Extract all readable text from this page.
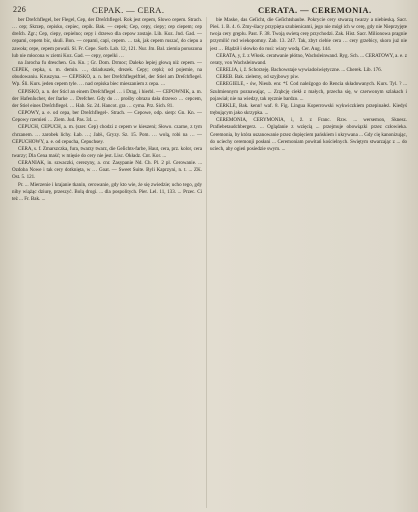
226	CEPAK. — CERA.	CERATA. — CEREMONIA.

ber Drefchflegel, ber Flegel, Cep, der Dreſchflegel. Rok jest cepem, Slowo cepem. Strach. … cep; Skrzep, cepisko, cepiec, cepik. Bak. — cepek; Cep, cepy, ciepy; cep ciepem; cep dreſch. Zgr.; Cep, ciepy, cepielno; cepy i drzewo dla cepow zostaje. Lib. Koz. Jnd. Gad. — cepami, cepem bic, skuli. Bon. — cepami, capi, cepem. … tak, jak cepem ruszać, do ciepu a zawoła; cepe, cepem powali. Sl. Fr. Cepe. Sorb. Lab. 12, 121. Nur. Jm. Bal. ziemia poruszona lub nie młocona w ziemi Koz. Gad. — cepy, cepelki …

na Jarocha fu dreschen. Gn. Kn. ; Gr. Dom. Drmoc; Daleko lepiej głową niż cepem. — CEPEK, cepka, s. m. demin. …, dziaduszek, drezek. Cepy; cepki; od pojemie, na obudowaniu. Kruszyna. — CEPISKO, a. n. ber Drefchflegelftiel, der Stiel am Dreſchflegel. Wp. Śli. Kurs. jeden cepem tyle. … nad cepiska biec mieszaniem z cepa. …

CEPISKO, a. n. der Sticl an einem Dreſchflegel … i Drąg, i hierbl. — CEPOWNIK, a. m. der Hafenſucher, der ſtarke … Drefcher. Gdy do … prośby obrazu dała drzewo … cepcem, der Stiel eines Dreſchflegel. … Hab. Sz. 24. Hancot. gra … cyma. Prz. Sich. 81.

CEPOWY, a. e. od cepa, ber Dreſchflegel-. Strach. — Cepowe, odp. sierp: Gn. Kn. — Cepowy rzemień … Ziem. Jud. Pas. 34. ...

CEPUCH, CEPUCH, a. m. (szer. Cep) chodzi z cepem w kieszeni; Słowo. czarne, z tym chrzanem. … zarobek lichy. Łab. …; Jabł., Gryzy. Sz. 15. Pom. … wolą, robi na … — CEPUCHOWY, a. e. od cepucha, Cepuchsey.

CERA, s. f. Zmarszczka, fura, twarzy twarz, die Geſichts-farbe, Haut, cera, prz. kolor, cera twarzy; Dla Cena maść; w mięsie do cery nie jest. Lisc. Okładz. Cnt. Kor. ...

CERANIAK, in. szwaczki, cerezyny, a. cnr. Zasypanie Nd. Ch. Pl. 2 pl. Cerowanie. ... Ozdoba Nowe i tak cery dotknięta, w … Goat. — Sweet Suite. Byli Kaprzyni, n. t. ... ZK. Ost. 5. 121.

Pr. ... Mierzenie i krajanie tkanin, cerowanie, gdy kto wie, że się zwiedzie; ucho tego, gdy niby wiążąc dziurę, przeszyć. Bolą drogi. ... dla pospolitych. Pier. Lel. 11, 133. ... Przec. Ci też ... Fr. Bak. ...

bie Maske, das Geſicht, die Geſichtshaube. Pokrycie cery stwarzą twarzy a niebieską. Sacr. Pieś. 1. B. 4. 6. Zmy-ślacy przypięta szubienicami, jego nie mógł ich w cerę, gdy nie Nieprzyjęte twoja cery gręplu. Past. F. 38. Twoją swietą cerę przychodzi. Zak. Hist. Sacr. Milionowa pragnie przymilić rod wiekopomny. Zab. 13. 247. Tak, zbyt ciebie cera … cery grzebicy, skoro już nie jest … Blądził i słowko do rusi: wiary wodą. Cer. Aug. 144.

CERATA, y, ž. z Włosk. ceratwanie płótno, Wachsleinwand. Ryg. Sch. ... CERATOWY, a. e. z ceraty, von Wachsleinwand.

CERELIA, i, ž. Schorzeję. Bachowstaje wywiadoświętyczne. ... Cherek. Lib. 176.

CEREB. Bak. zielemy, od szyjbowy piw.

CEREGIELE, - ów, Nieub. enr. *ſ. Cod naleźgogo do Rencia składowanych. Kurs. Tyl. ? ... Szulmiennym poznawając, ... Zrąbcję ciekł z małych, przecha się, w czerwonym szlakach i pojawiał; nie na wiedzy, tak ręcznie bardzo. ...

CERKLE, Bak. kenn! waf. 8. Fig. Lingua Koperrowski wykwiczkiem przepinałeż. Kiedyś trębującym jako skrzypka. ...

CEREMONIA, CERYMONIA, i, ž. z Franc. Rzw. ... wersemon, Sknesz. Prafiebetaudchbergerz. ... Oglądanie z wzięcią ... przejmuje obowiązki przez człowieka. Ceremonia, by która uszanowanie przez dopięciem pańskiem i ukrywana ... Gdy cię kanonizując, do uciechy ceremonji posłani ... Ceremoniam powitań kościelnych. Swiętym stwarzając z ... do uciech, aby ogień posiedzie swym. ...
